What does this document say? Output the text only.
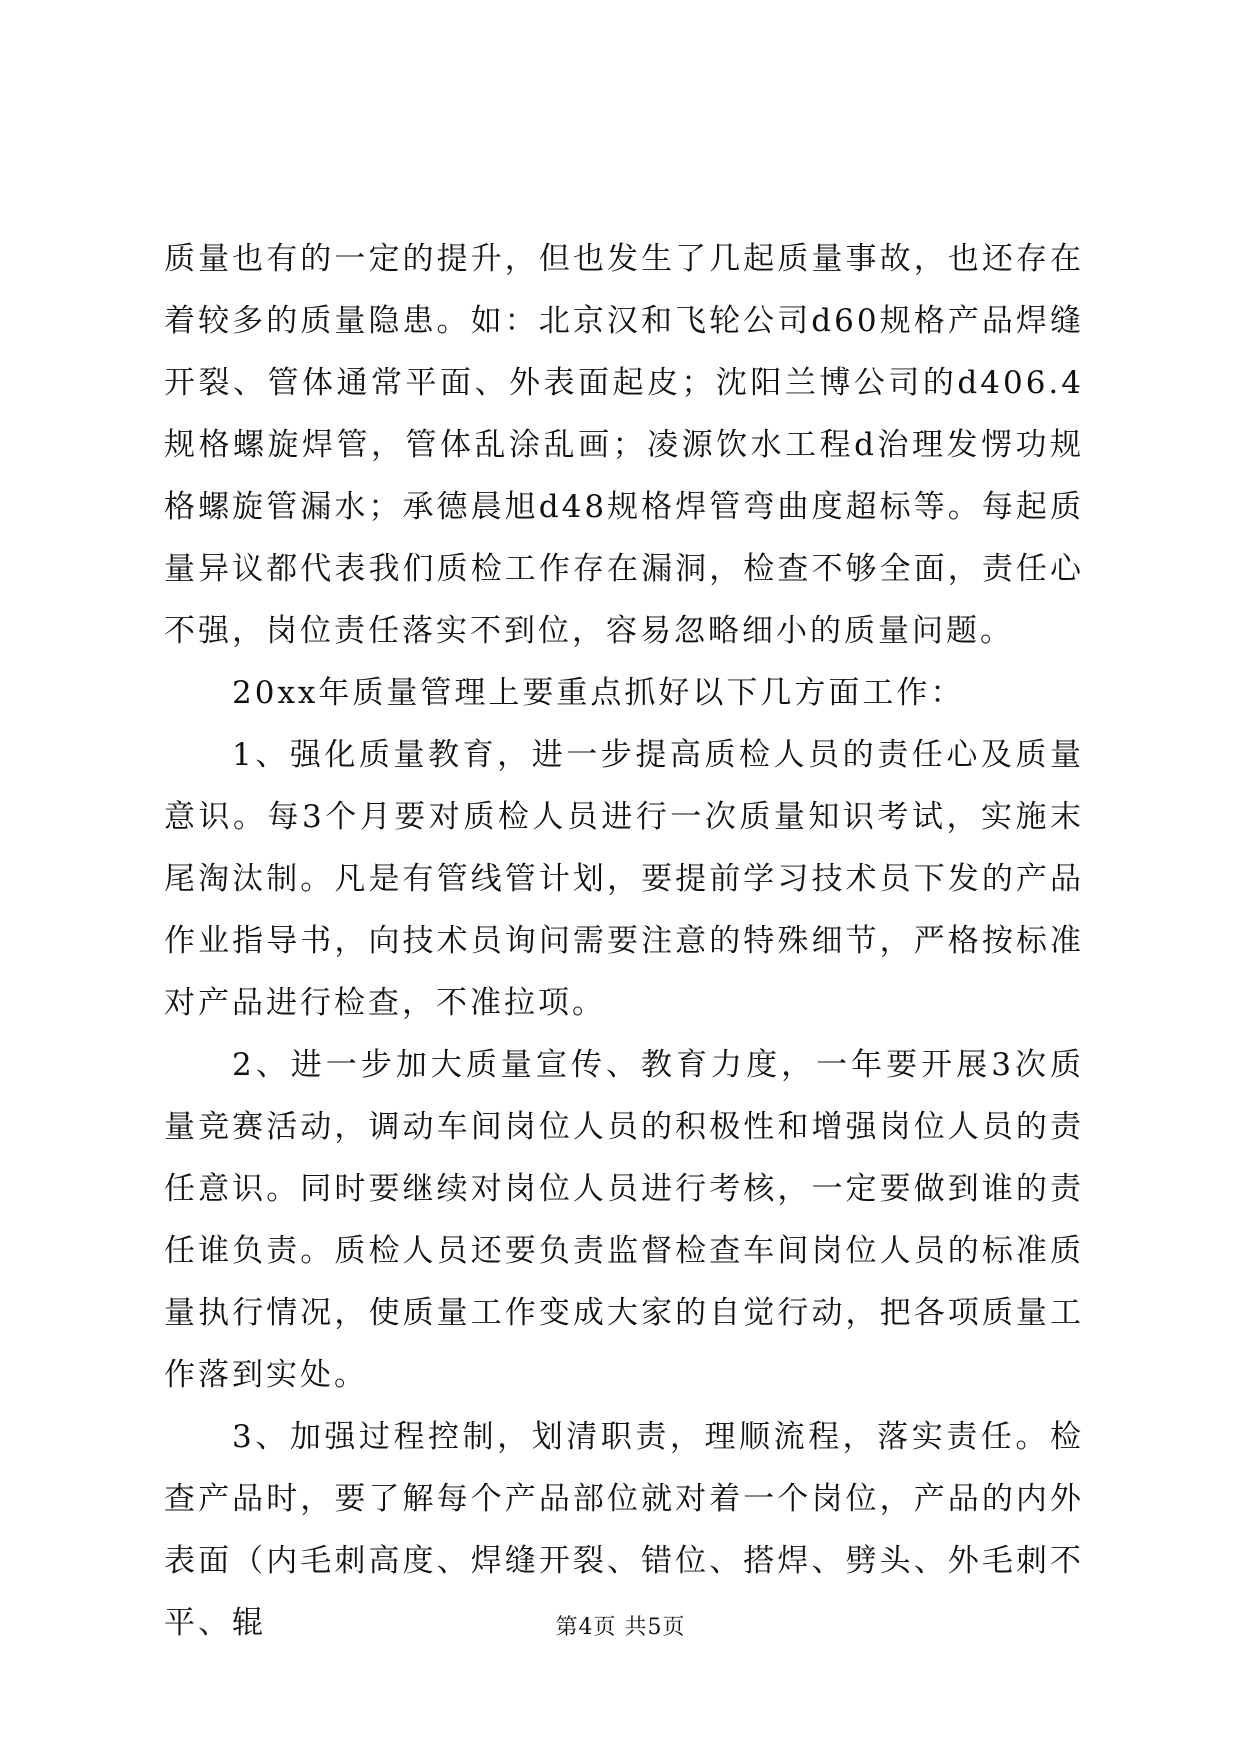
质量也有的一定的提升，但也发生了几起质量事故，也还存在着较多的质量隐患。如：北京汉和飞轮公司d60规格产品焊缝开裂、管体通常平面、外表面起皮；沈阳兰博公司的d406.4规格螺旋焊管，管体乱涂乱画；凌源饮水工程d治理发愣功规格螺旋管漏水；承德晨旭d48规格焊管弯曲度超标等。每起质量异议都代表我们质检工作存在漏洞，检查不够全面，责任心不强，岗位责任落实不到位，容易忽略细小的质量问题。

20xx年质量管理上要重点抓好以下几方面工作：

1、强化质量教育，进一步提高质检人员的责任心及质量意识。每3个月要对质检人员进行一次质量知识考试，实施末尾淘汰制。凡是有管线管计划，要提前学习技术员下发的产品作业指导书，向技术员询问需要注意的特殊细节，严格按标准对产品进行检查，不准拉项。

2、进一步加大质量宣传、教育力度，一年要开展3次质量竞赛活动，调动车间岗位人员的积极性和增强岗位人员的责任意识。同时要继续对岗位人员进行考核，一定要做到谁的责任谁负责。质检人员还要负责监督检查车间岗位人员的标准质量执行情况，使质量工作变成大家的自觉行动，把各项质量工作落到实处。

3、加强过程控制，划清职责，理顺流程，落实责任。检查产品时，要了解每个产品部位就对着一个岗位，产品的内外表面（内毛刺高度、焊缝开裂、错位、搭焊、劈头、外毛刺不平、辊	第4页 共5页
